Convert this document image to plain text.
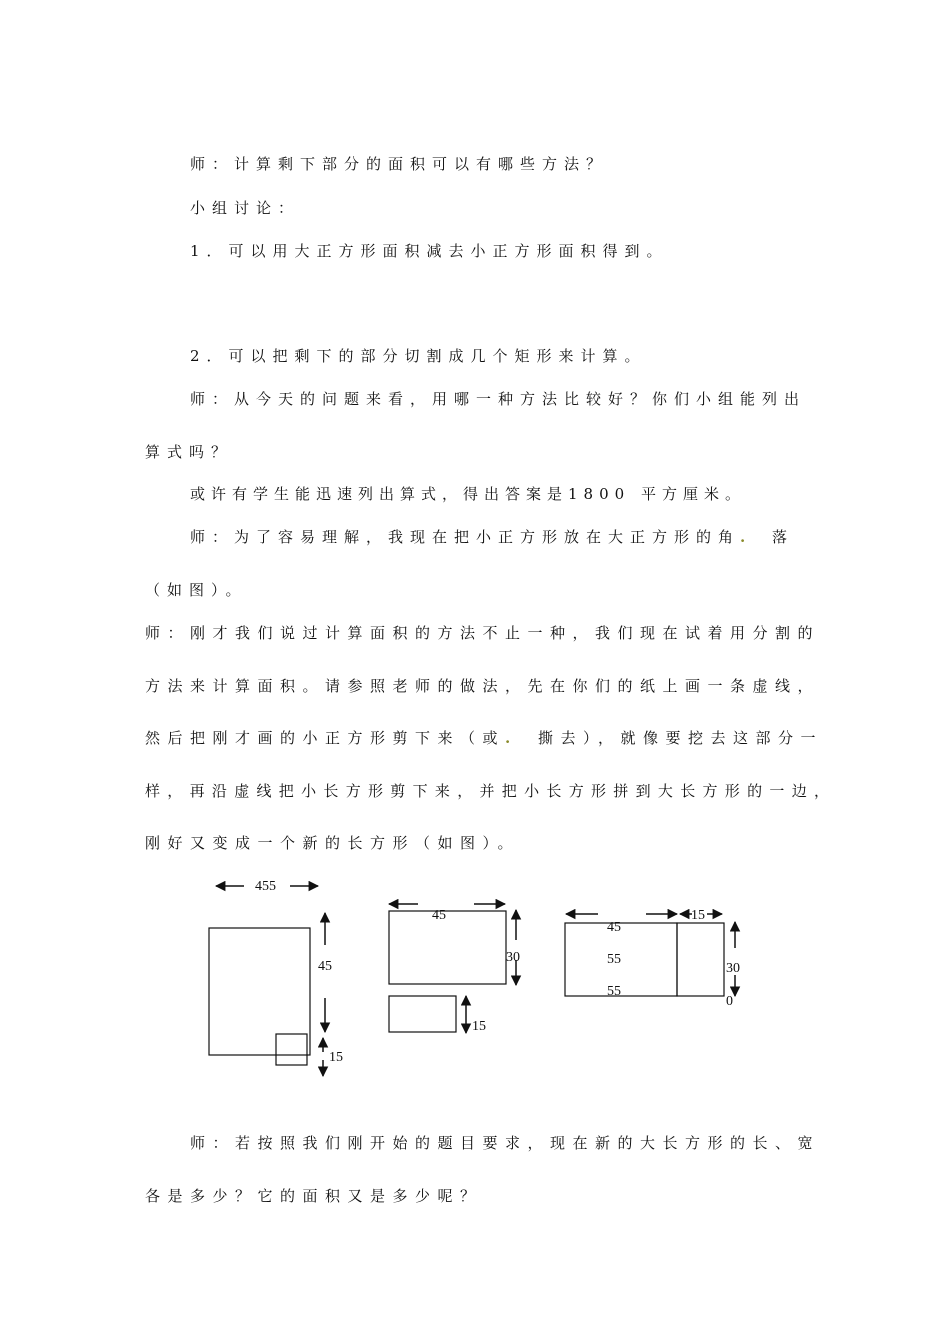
师：计算剩下部分的面积可以有哪些方法？
小组讨论：
1．可以用大正方形面积减去小正方形面积得到。
2．可以把剩下的部分切割成几个矩形来计算。
师：从今天的问题来看，用哪一种方法比较好？你们小组能列出
算式吗？
或许有学生能迅速列出算式，得出答案是1800 平方厘米。
师：为了容易理解，我现在把小正方形放在大正方形的角. 落
（如图）。
师：刚才我们说过计算面积的方法不止一种，我们现在试着用分割的
方法来计算面积。请参照老师的做法，先在你们的纸上画一条虚线，
然后把刚才画的小正方形剪下来（或. 撕去），就像要挖去这部分一
样，再沿虚线把小长方形剪下来，并把小长方形拼到大长方形的一边，
刚好又变成一个新的长方形（如图）。
师：若按照我们刚开始的题目要求，现在新的大长方形的长、宽
各是多少？它的面积又是多少呢？
455
45
15
45
30
15
15
45
55
55
30
0
